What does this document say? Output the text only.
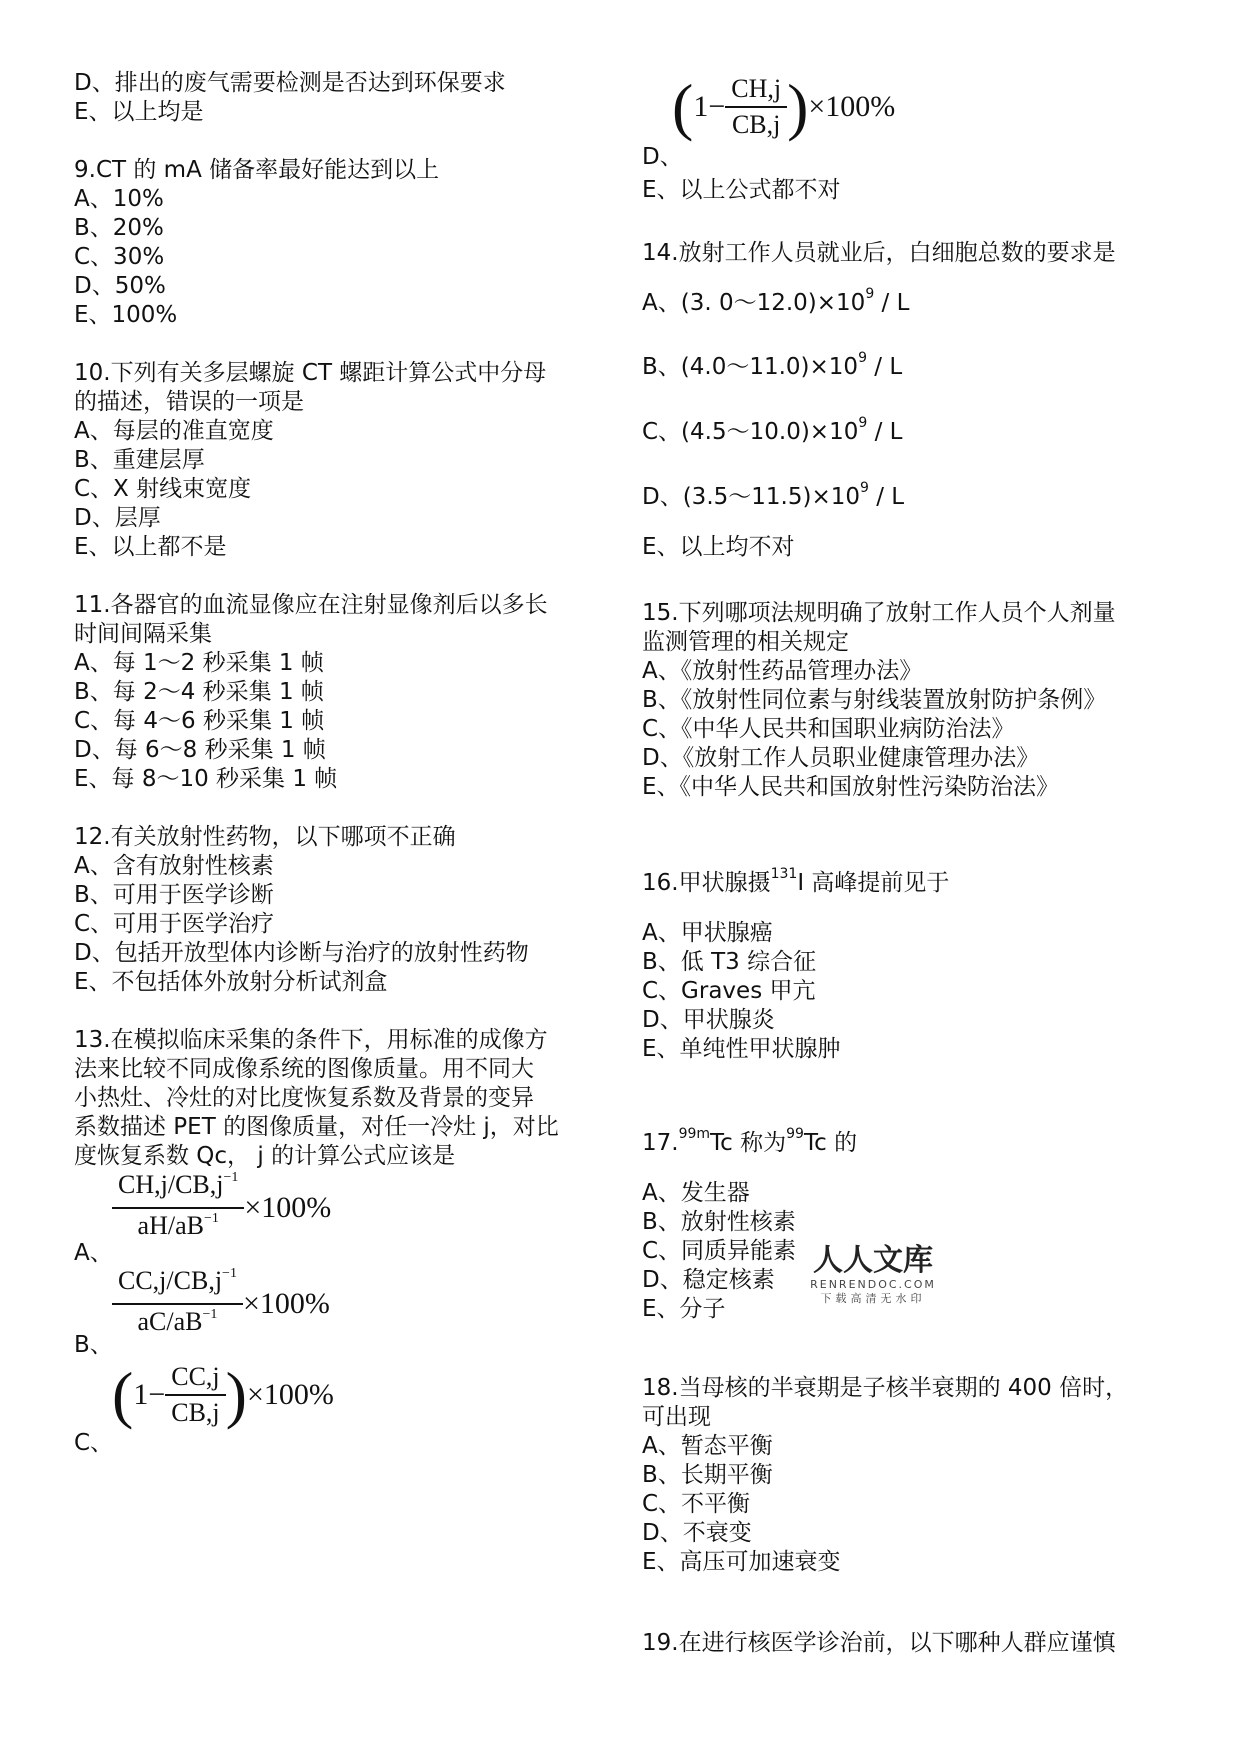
D、排出的废气需要检测是否达到环保要求
E、以上均是
9.CT 的 mA 储备率最好能达到以上
A、10%
B、20%
C、30%
D、50%
E、100%
10.下列有关多层螺旋 CT 螺距计算公式中分母
的描述，错误的一项是
A、每层的准直宽度
B、重建层厚
C、X 射线束宽度
D、层厚
E、以上都不是
11.各器官的血流显像应在注射显像剂后以多长
时间间隔采集
A、每 1～2 秒采集 1 帧
B、每 2～4 秒采集 1 帧
C、每 4～6 秒采集 1 帧
D、每 6～8 秒采集 1 帧
E、每 8～10 秒采集 1 帧
12.有关放射性药物，以下哪项不正确
A、含有放射性核素
B、可用于医学诊断
C、可用于医学治疗
D、包括开放型体内诊断与治疗的放射性药物
E、不包括体外放射分析试剂盒
13.在模拟临床采集的条件下，用标准的成像方
法来比较不同成像系统的图像质量。用不同大
小热灶、冷灶的对比度恢复系数及背景的变异
系数描述 PET 的图像质量，对任一冷灶 j，对比
度恢复系数 Qc， j 的计算公式应该是
A、
$\frac{CH,j/CB,j^{-1}}{aH/aB^{-1}} \times 100\%$
B、
$\frac{CC,j/CB,j^{-1}}{aC/aB^{-1}} \times 100\%$
C、
( $1- \frac{CC,j}{CB,j}$ ) ×100%
( $1- \frac{CH,j}{CB,j}$ ) ×100%
D、
E、以上公式都不对
14.放射工作人员就业后，白细胞总数的要求是
A、(3. $0\sim 12.0)\times 10^9 / L$
B、$(4.0\sim 11.0)\times 10^9 / L$
C、$(4.5\sim 10.0)\times 10^9 / L$
D、$(3.5\sim 11.5)\times 10^9 / L$
E、以上均不对
15.下列哪项法规明确了放射工作人员个人剂量
监测管理的相关规定
A、《放射性药品管理办法》
B、《放射性同位素与射线装置放射防护条例》
C、《中华人民共和国职业病防治法》
D、《放射工作人员职业健康管理办法》
E、《中华人民共和国放射性污染防治法》
16.甲状腺摄$^{131}$I 高峰提前见于
A、甲状腺癌
B、低 T3 综合征
C、Graves 甲亢
D、甲状腺炎
E、单纯性甲状腺肿
17.$^{99m}$Tc 称为$^{99}$Tc 的
A、发生器
B、放射性核素
C、同质异能素
D、稳定核素
E、分子
18.当母核的半衰期是子核半衰期的 400 倍时，
可出现
A、暂态平衡
B、长期平衡
C、不平衡
D、不衰变
E、高压可加速衰变
19.在进行核医学诊治前，以下哪种人群应谨慎
人人文库
RENRENDOC.COM
下载高清无水印
